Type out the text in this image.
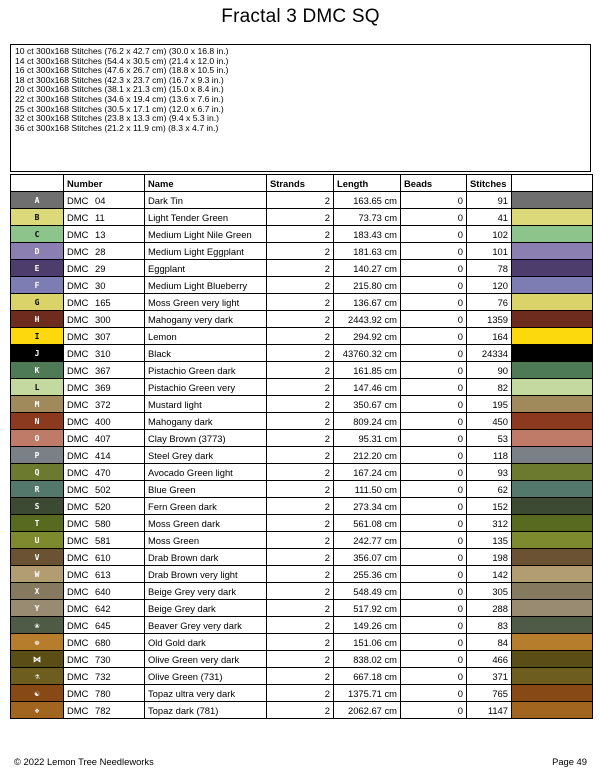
Fractal 3 DMC SQ
10 ct 300x168 Stitches (76.2 x 42.7 cm) (30.0 x 16.8 in.)
14 ct 300x168 Stitches (54.4 x 30.5 cm) (21.4 x 12.0 in.)
16 ct 300x168 Stitches (47.6 x 26.7 cm) (18.8 x 10.5 in.)
18 ct 300x168 Stitches (42.3 x 23.7 cm) (16.7 x 9.3 in.)
20 ct 300x168 Stitches (38.1 x 21.3 cm) (15.0 x 8.4 in.)
22 ct 300x168 Stitches (34.6 x 19.4 cm) (13.6 x 7.6 in.)
25 ct 300x168 Stitches (30.5 x 17.1 cm) (12.0 x 6.7 in.)
32 ct 300x168 Stitches (23.8 x 13.3 cm) (9.4 x 5.3 in.)
36 ct 300x168 Stitches (21.2 x 11.9 cm) (8.3 x 4.7 in.)
	Number	Name	Strands	Length	Beads	Stitches	
A	DMC 04	Dark Tin	2	163.65 cm	0	91	
B	DMC 11	Light Tender Green	2	73.73 cm	0	41	
C	DMC 13	Medium Light Nile Green	2	183.43 cm	0	102	
D	DMC 28	Medium Light Eggplant	2	181.63 cm	0	101	
E	DMC 29	Eggplant	2	140.27 cm	0	78	
F	DMC 30	Medium Light Blueberry	2	215.80 cm	0	120	
G	DMC 165	Moss Green very light	2	136.67 cm	0	76	
H	DMC 300	Mahogany very dark	2	2443.92 cm	0	1359	
I	DMC 307	Lemon	2	294.92 cm	0	164	
J	DMC 310	Black	2	43760.32 cm	0	24334	
K	DMC 367	Pistachio Green dark	2	161.85 cm	0	90	
L	DMC 369	Pistachio Green very	2	147.46 cm	0	82	
M	DMC 372	Mustard light	2	350.67 cm	0	195	
N	DMC 400	Mahogany dark	2	809.24 cm	0	450	
O	DMC 407	Clay Brown (3773)	2	95.31 cm	0	53	
P	DMC 414	Steel Grey dark	2	212.20 cm	0	118	
Q	DMC 470	Avocado Green light	2	167.24 cm	0	93	
R	DMC 502	Blue Green	2	111.50 cm	0	62	
S	DMC 520	Fern Green dark	2	273.34 cm	0	152	
T	DMC 580	Moss Green dark	2	561.08 cm	0	312	
U	DMC 581	Moss Green	2	242.77 cm	0	135	
V	DMC 610	Drab Brown dark	2	356.07 cm	0	198	
W	DMC 613	Drab Brown very light	2	255.36 cm	0	142	
X	DMC 640	Beige Grey very dark	2	548.49 cm	0	305	
Y	DMC 642	Beige Grey dark	2	517.92 cm	0	288	
❀	DMC 645	Beaver Grey very dark	2	149.26 cm	0	83	
❁	DMC 680	Old Gold dark	2	151.06 cm	0	84	
⋈	DMC 730	Olive Green very dark	2	838.02 cm	0	466	
⚗	DMC 732	Olive Green (731)	2	667.18 cm	0	371	
☯	DMC 780	Topaz ultra very dark	2	1375.71 cm	0	765	
❖	DMC 782	Topaz dark (781)	2	2062.67 cm	0	1147	
© 2022 Lemon Tree Needleworks	Page 49
